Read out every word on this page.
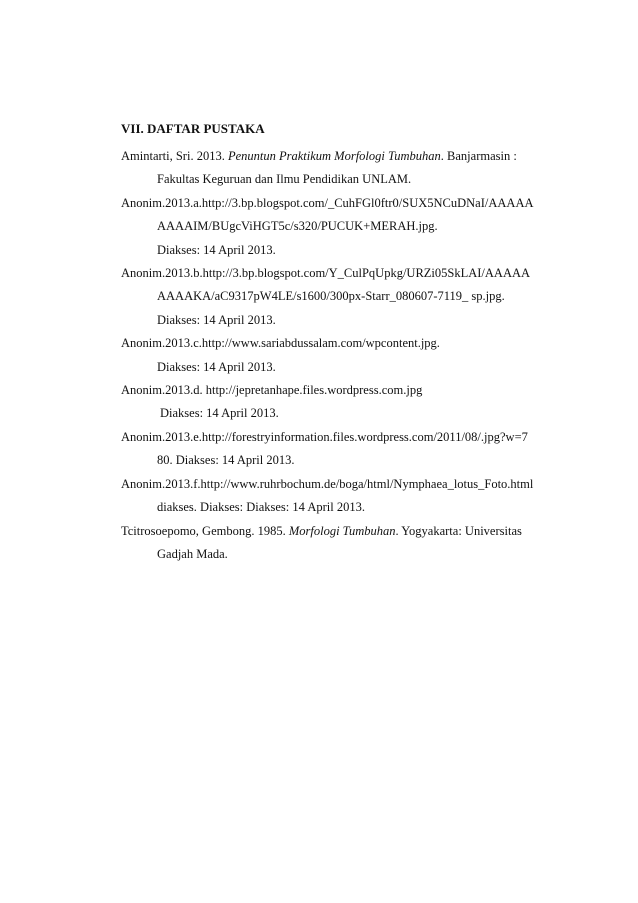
VII. DAFTAR PUSTAKA
Amintarti, Sri. 2013. Penuntun Praktikum Morfologi Tumbuhan. Banjarmasin :
Fakultas Keguruan dan Ilmu Pendidikan UNLAM.
Anonim.2013.a.http://3.bp.blogspot.com/_CuhFGl0ftr0/SUX5NCuDNaI/AAAAA
AAAAIM/BUgcViHGT5c/s320/PUCUK+MERAH.jpg.
Diakses: 14 April 2013.
Anonim.2013.b.http://3.bp.blogspot.com/Y_CulPqUpkg/URZi05SkLAI/AAAAA
AAAAKA/aC9317pW4LE/s1600/300px-Starr_080607-7119_ sp.jpg.
Diakses: 14 April 2013.
Anonim.2013.c.http://www.sariabdussalam.com/wpcontent.jpg.
Diakses: 14 April 2013.
Anonim.2013.d. http://jepretanhape.files.wordpress.com.jpg
Diakses: 14 April 2013.
Anonim.2013.e.http://forestryinformation.files.wordpress.com/2011/08/.jpg?w=7
80. Diakses: 14 April 2013.
Anonim.2013.f.http://www.ruhrbochum.de/boga/html/Nymphaea_lotus_Foto.html
diakses. Diakses: Diakses: 14 April 2013.
Tcitrosoepomo, Gembong. 1985. Morfologi Tumbuhan. Yogyakarta: Universitas
Gadjah Mada.
